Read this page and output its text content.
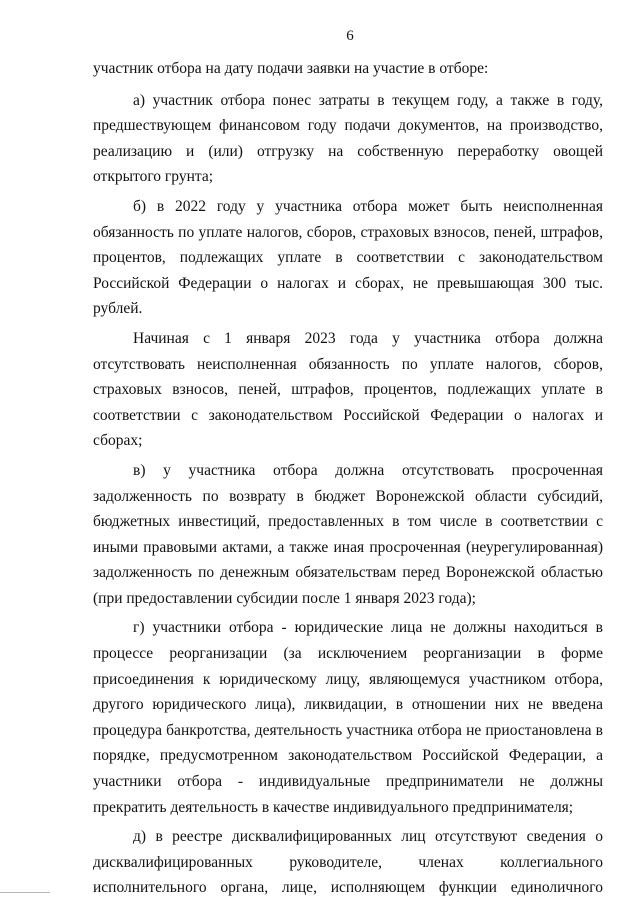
6

участник отбора на дату подачи заявки на участие в отборе:

а) участник отбора понес затраты в текущем году, а также в году, предшествующем финансовом году подачи документов, на производство, реализацию и (или) отгрузку на собственную переработку овощей открытого грунта;

б) в 2022 году у участника отбора может быть неисполненная обязанность по уплате налогов, сборов, страховых взносов, пеней, штрафов, процентов, подлежащих уплате в соответствии с законодательством Российской Федерации о налогах и сборах, не превышающая 300 тыс. рублей.

Начиная с 1 января 2023 года у участника отбора должна отсутствовать неисполненная обязанность по уплате налогов, сборов, страховых взносов, пеней, штрафов, процентов, подлежащих уплате в соответствии с законодательством Российской Федерации о налогах и сборах;

в) у участника отбора должна отсутствовать просроченная задолженность по возврату в бюджет Воронежской области субсидий, бюджетных инвестиций, предоставленных в том числе в соответствии с иными правовыми актами, а также иная просроченная (неурегулированная) задолженность по денежным обязательствам перед Воронежской областью (при предоставлении субсидии после 1 января 2023 года);

г) участники отбора - юридические лица не должны находиться в процессе реорганизации (за исключением реорганизации в форме присоединения к юридическому лицу, являющемуся участником отбора, другого юридического лица), ликвидации, в отношении них не введена процедура банкротства, деятельность участника отбора не приостановлена в порядке, предусмотренном законодательством Российской Федерации, а участники отбора - индивидуальные предприниматели не должны прекратить деятельность в качестве индивидуального предпринимателя;

д) в реестре дисквалифицированных лиц отсутствуют сведения о дисквалифицированных руководителе, членах коллегиального исполнительного органа, лице, исполняющем функции единоличного
